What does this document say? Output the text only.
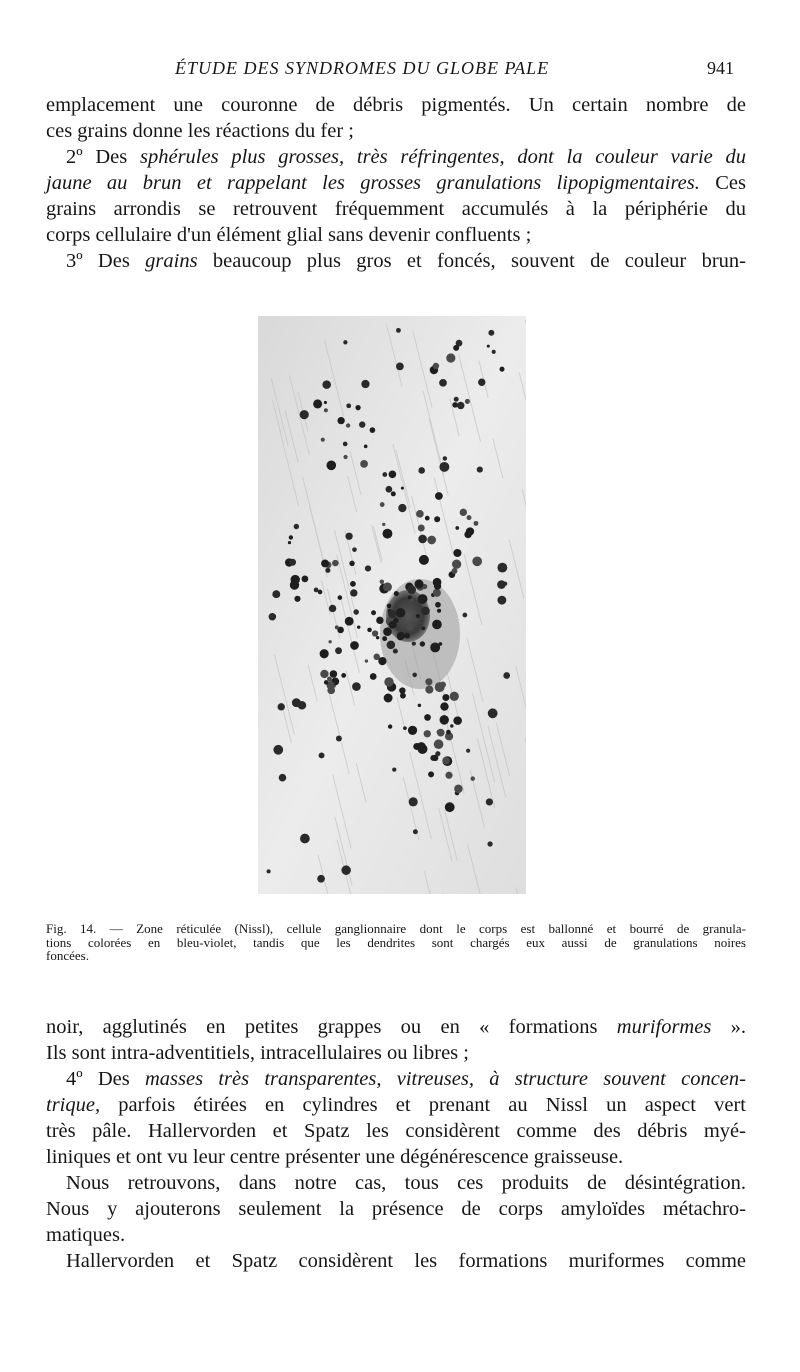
ÉTUDE DES SYNDROMES DU GLOBE PALE	941

emplacement une couronne de débris pigmentés. Un certain nombre de

ces grains donne les réactions du fer ;

2º Des sphérules plus grosses, très réfringentes, dont la couleur varie du

jaune au brun et rappelant les grosses granulations lipopigmentaires. Ces

grains arrondis se retrouvent fréquemment accumulés à la périphérie du

corps cellulaire d'un élément glial sans devenir confluents ;

3º Des grains beaucoup plus gros et foncés, souvent de couleur brun-

Fig. 14. — Zone réticulée (Nissl), cellule ganglionnaire dont le corps est ballonné et bourré de granula-
tions colorées en bleu-violet, tandis que les dendrites sont chargés eux aussi de granulations noires
foncées.

noir, agglutinés en petites grappes ou en « formations muriformes ».

Ils sont intra-adventitiels, intracellulaires ou libres ;

4º Des masses très transparentes, vitreuses, à structure souvent concen-

trique, parfois étirées en cylindres et prenant au Nissl un aspect vert

très pâle. Hallervorden et Spatz les considèrent comme des débris myé-

liniques et ont vu leur centre présenter une dégénérescence graisseuse.

Nous retrouvons, dans notre cas, tous ces produits de désintégration.

Nous y ajouterons seulement la présence de corps amyloïdes métachro-

matiques.

Hallervorden et Spatz considèrent les formations muriformes comme
